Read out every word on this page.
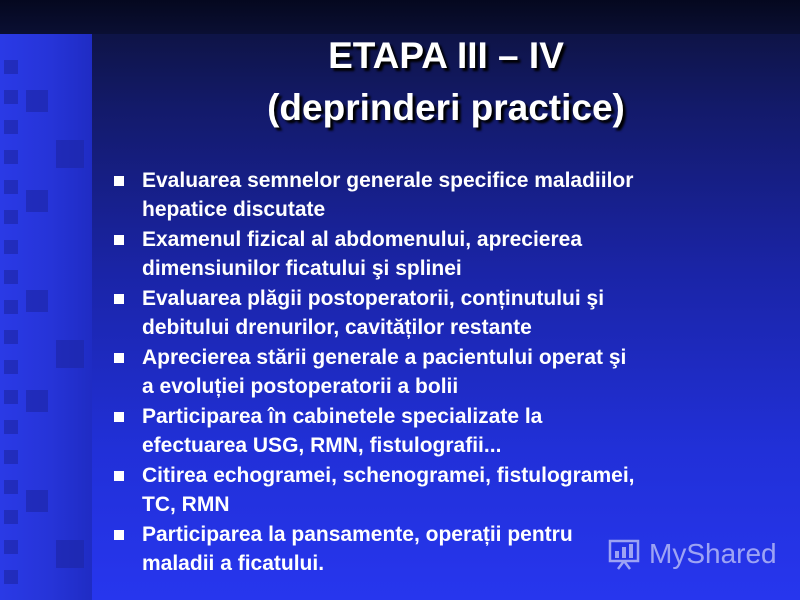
ETAPA III – IV
(deprinderi practice)
Evaluarea semnelor generale specifice maladiilor
hepatice discutate
Examenul fizical al abdomenului, aprecierea
dimensiunilor ficatului şi splinei
Evaluarea plăgii postoperatorii, conținutului şi
debitului drenurilor, cavităților restante
Aprecierea stării generale a pacientului operat şi
a evoluției postoperatorii a bolii
Participarea în cabinetele specializate la
efectuarea USG, RMN, fistulografii...
Citirea echogramei, schenogramei, fistulogramei,
TC, RMN
Participarea la pansamente, operații pentru
maladii a ficatului.	MyShared
